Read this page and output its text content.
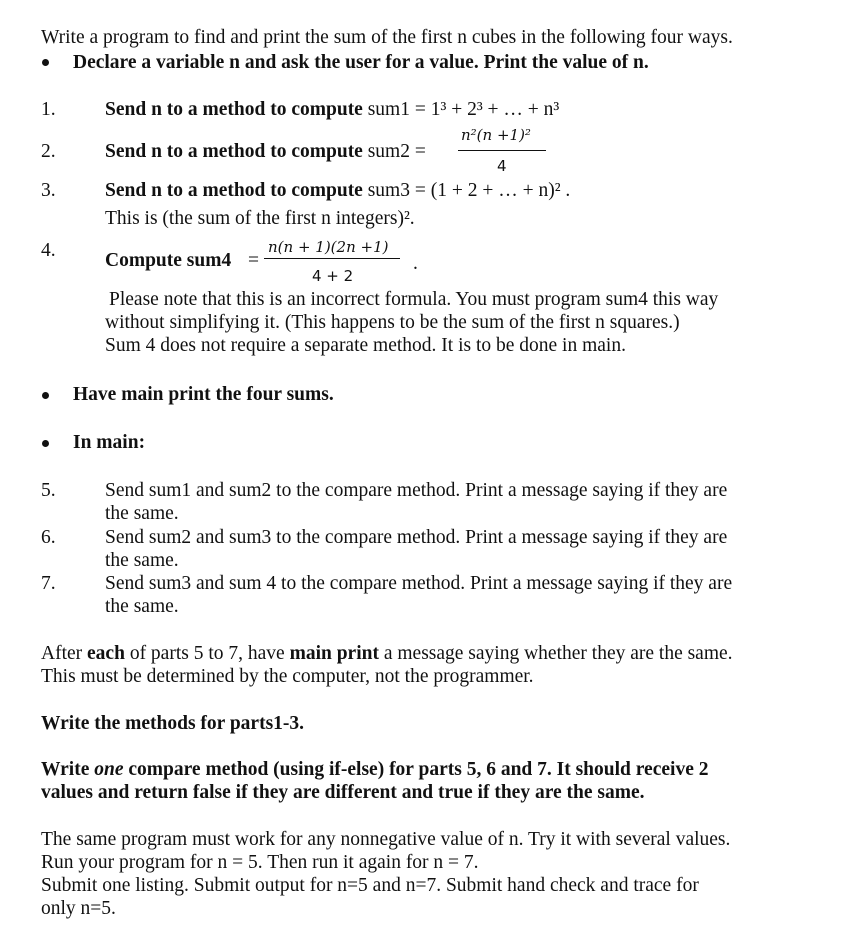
Write a program to find and print the sum of the first n cubes in the following four ways.
Declare a variable n and ask the user for a value. Print the value of n.
1.	Send n to a method to compute sum1 = 1³ + 2³ + … + n³
2.	Send n to a method to compute sum2 =
n²(n +1)²
4
3.	Send n to a method to compute sum3 = (1 + 2 + … + n)² .
This is (the sum of the first n integers)².
4.	Compute sum4 =
n(n + 1)(2n +1)
4 + 2
.
Please note that this is an incorrect formula. You must program sum4 this way
without simplifying it. (This happens to be the sum of the first n squares.)
Sum 4 does not require a separate method. It is to be done in main.
Have main print the four sums.
In main:
5.	Send sum1 and sum2 to the compare method. Print a message saying if they are
the same.
6.	Send sum2 and sum3 to the compare method. Print a message saying if they are
the same.
7.	Send sum3 and sum 4 to the compare method. Print a message saying if they are
the same.
After each of parts 5 to 7, have main print a message saying whether they are the same.
This must be determined by the computer, not the programmer.
Write the methods for parts1-3.
Write one compare method (using if-else) for parts 5, 6 and 7. It should receive 2
values and return false if they are different and true if they are the same.
The same program must work for any nonnegative value of n. Try it with several values.
Run your program for n = 5. Then run it again for n = 7.
Submit one listing. Submit output for n=5 and n=7. Submit hand check and trace for
only n=5.
